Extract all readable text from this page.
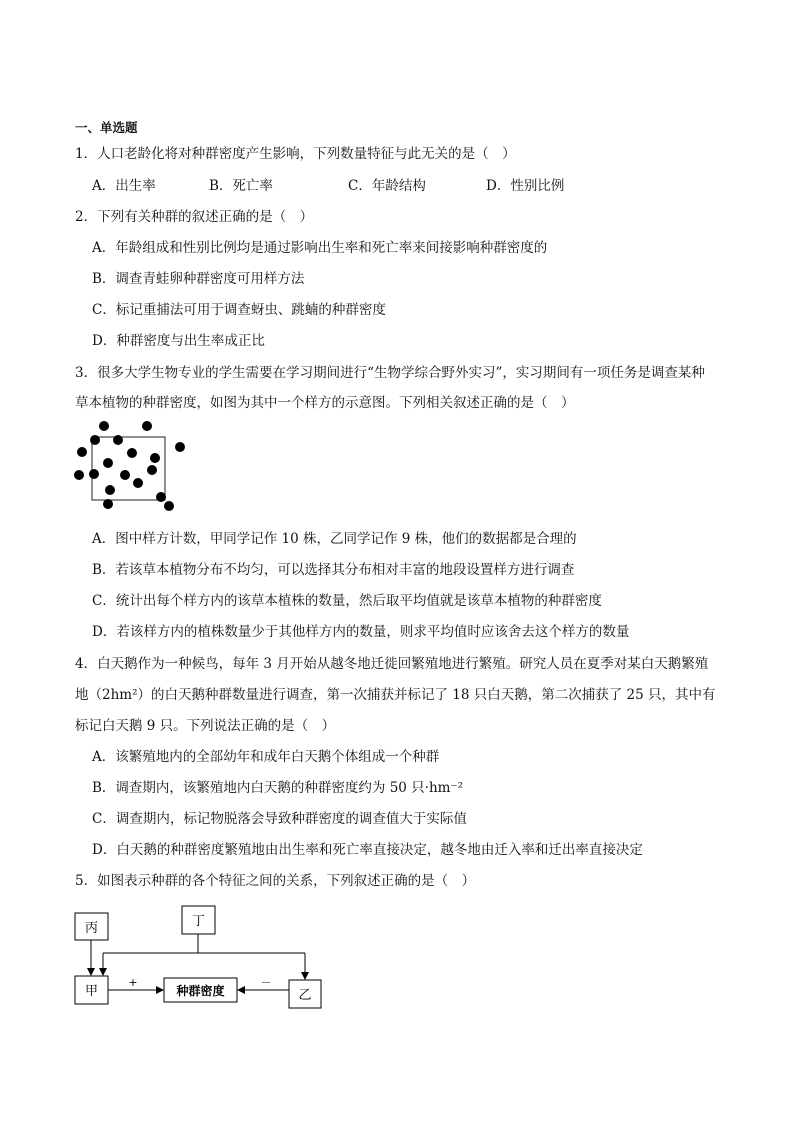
一、单选题
1．人口老龄化将对种群密度产生影响，下列数量特征与此无关的是（　）
A．出生率	B．死亡率	C．年龄结构	D．性别比例
2．下列有关种群的叙述正确的是（　）
A．年龄组成和性别比例均是通过影响出生率和死亡率来间接影响种群密度的
B．调查青蛙卵种群密度可用样方法
C．标记重捕法可用于调查蚜虫、跳蝻的种群密度
D．种群密度与出生率成正比
3．很多大学生物专业的学生需要在学习期间进行“生物学综合野外实习”，实习期间有一项任务是调查某种
草本植物的种群密度，如图为其中一个样方的示意图。下列相关叙述正确的是（　）
A．图中样方计数，甲同学记作 10 株，乙同学记作 9 株，他们的数据都是合理的
B．若该草本植物分布不均匀，可以选择其分布相对丰富的地段设置样方进行调查
C．统计出每个样方内的该草本植株的数量，然后取平均值就是该草本植物的种群密度
D．若该样方内的植株数量少于其他样方内的数量，则求平均值时应该舍去这个样方的数量
4．白天鹅作为一种候鸟，每年 3 月开始从越冬地迁徙回繁殖地进行繁殖。研究人员在夏季对某白天鹅繁殖
地（2hm²）的白天鹅种群数量进行调查，第一次捕获并标记了 18 只白天鹅，第二次捕获了 25 只，其中有
标记白天鹅 9 只。下列说法正确的是（　）
A．该繁殖地内的全部幼年和成年白天鹅个体组成一个种群
B．调查期内，该繁殖地内白天鹅的种群密度约为 50 只·hm⁻²
C．调查期内，标记物脱落会导致种群密度的调查值大于实际值
D．白天鹅的种群密度繁殖地由出生率和死亡率直接决定，越冬地由迁入率和迁出率直接决定
5．如图表示种群的各个特征之间的关系，下列叙述正确的是（　）
丙	丁
甲	种群密度	乙
+	－
